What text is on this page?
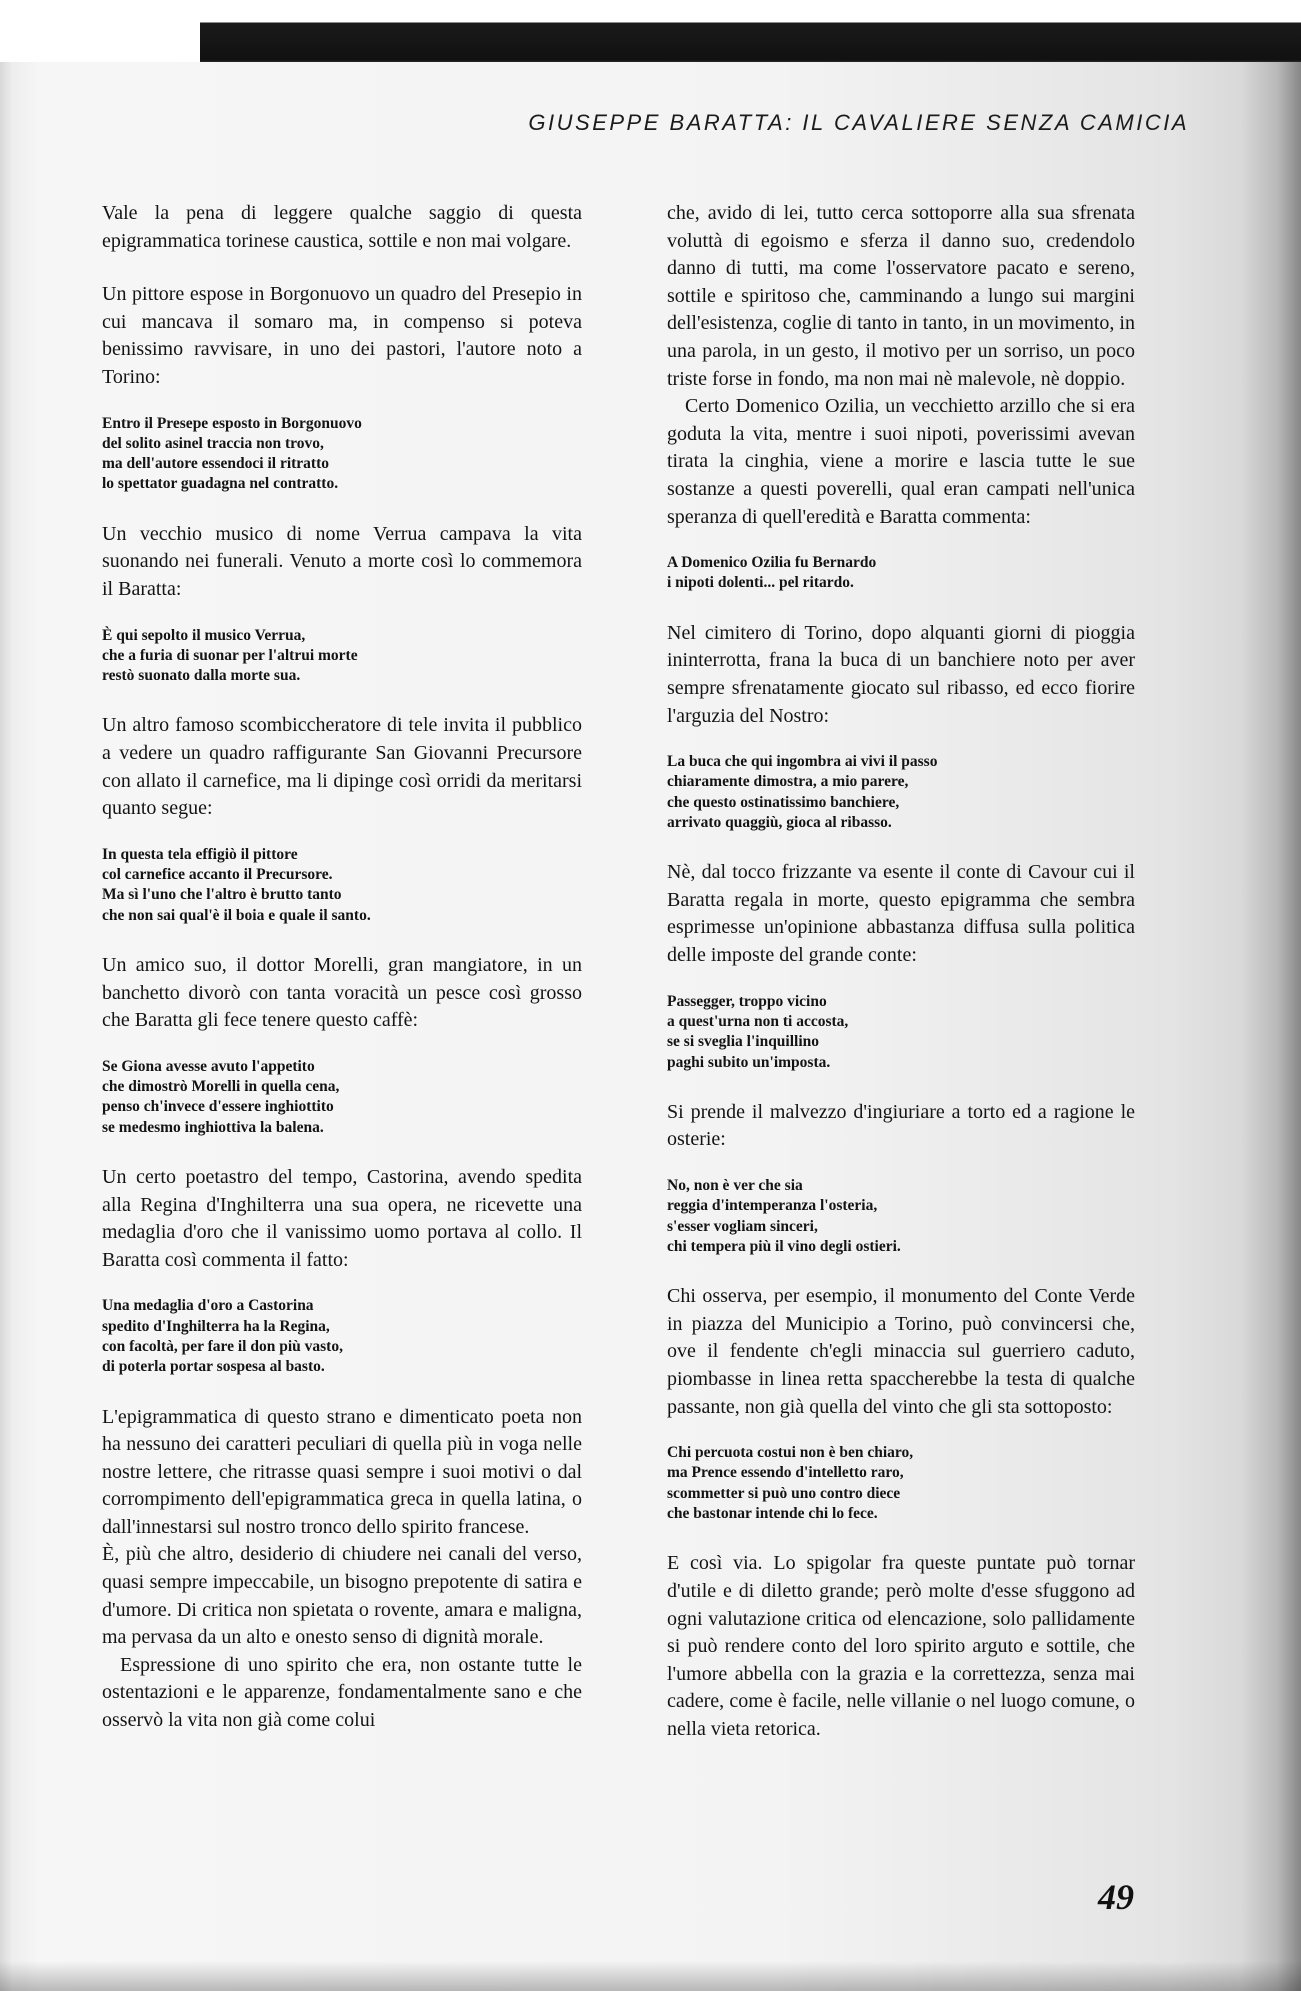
GIUSEPPE BARATTA: IL CAVALIERE SENZA CAMICIA

Vale la pena di leggere qualche saggio di questa epigrammatica torinese caustica, sottile e non mai volgare.

Un pittore espose in Borgonuovo un quadro del Presepio in cui mancava il somaro ma, in compenso si poteva benissimo ravvisare, in uno dei pastori, l'autore noto a Torino:

Entro il Presepe esposto in Borgonuovo
del solito asinel traccia non trovo,
ma dell'autore essendoci il ritratto
lo spettator guadagna nel contratto.

Un vecchio musico di nome Verrua campava la vita suonando nei funerali. Venuto a morte così lo commemora il Baratta:

È qui sepolto il musico Verrua,
che a furia di suonar per l'altrui morte
restò suonato dalla morte sua.

Un altro famoso scombiccheratore di tele invita il pubblico a vedere un quadro raffigurante San Giovanni Precursore con allato il carnefice, ma li dipinge così orridi da meritarsi quanto segue:

In questa tela effigiò il pittore
col carnefice accanto il Precursore.
Ma sì l'uno che l'altro è brutto tanto
che non sai qual'è il boia e quale il santo.

Un amico suo, il dottor Morelli, gran mangiatore, in un banchetto divorò con tanta voracità un pesce così grosso che Baratta gli fece tenere questo caffè:

Se Giona avesse avuto l'appetito
che dimostrò Morelli in quella cena,
penso ch'invece d'essere inghiottito
se medesmo inghiottiva la balena.

Un certo poetastro del tempo, Castorina, avendo spedita alla Regina d'Inghilterra una sua opera, ne ricevette una medaglia d'oro che il vanissimo uomo portava al collo. Il Baratta così commenta il fatto:

Una medaglia d'oro a Castorina
spedito d'Inghilterra ha la Regina,
con facoltà, per fare il don più vasto,
di poterla portar sospesa al basto.

L'epigrammatica di questo strano e dimenticato poeta non ha nessuno dei caratteri peculiari di quella più in voga nelle nostre lettere, che ritrasse quasi sempre i suoi motivi o dal corrompimento dell'epigrammatica greca in quella latina, o dall'innestarsi sul nostro tronco dello spirito francese.

È, più che altro, desiderio di chiudere nei canali del verso, quasi sempre impeccabile, un bisogno prepotente di satira e d'umore. Di critica non spietata o rovente, amara e maligna, ma pervasa da un alto e onesto senso di dignità morale.

Espressione di uno spirito che era, non ostante tutte le ostentazioni e le apparenze, fondamentalmente sano e che osservò la vita non già come colui

che, avido di lei, tutto cerca sottoporre alla sua sfrenata voluttà di egoismo e sferza il danno suo, credendolo danno di tutti, ma come l'osservatore pacato e sereno, sottile e spiritoso che, camminando a lungo sui margini dell'esistenza, coglie di tanto in tanto, in un movimento, in una parola, in un gesto, il motivo per un sorriso, un poco triste forse in fondo, ma non mai nè malevole, nè doppio.

Certo Domenico Ozilia, un vecchietto arzillo che si era goduta la vita, mentre i suoi nipoti, poverissimi avevan tirata la cinghia, viene a morire e lascia tutte le sue sostanze a questi poverelli, qual eran campati nell'unica speranza di quell'eredità e Baratta commenta:

A Domenico Ozilia fu Bernardo
i nipoti dolenti... pel ritardo.

Nel cimitero di Torino, dopo alquanti giorni di pioggia ininterrotta, frana la buca di un banchiere noto per aver sempre sfrenatamente giocato sul ribasso, ed ecco fiorire l'arguzia del Nostro:

La buca che qui ingombra ai vivi il passo
chiaramente dimostra, a mio parere,
che questo ostinatissimo banchiere,
arrivato quaggiù, gioca al ribasso.

Nè, dal tocco frizzante va esente il conte di Cavour cui il Baratta regala in morte, questo epigramma che sembra esprimesse un'opinione abbastanza diffusa sulla politica delle imposte del grande conte:

Passegger, troppo vicino
a quest'urna non ti accosta,
se si sveglia l'inquillino
paghi subito un'imposta.

Si prende il malvezzo d'ingiuriare a torto ed a ragione le osterie:

No, non è ver che sia
reggia d'intemperanza l'osteria,
s'esser vogliam sinceri,
chi tempera più il vino degli ostieri.

Chi osserva, per esempio, il monumento del Conte Verde in piazza del Municipio a Torino, può convincersi che, ove il fendente ch'egli minaccia sul guerriero caduto, piombasse in linea retta spaccherebbe la testa di qualche passante, non già quella del vinto che gli sta sottoposto:

Chi percuota costui non è ben chiaro,
ma Prence essendo d'intelletto raro,
scommetter si può uno contro diece
che bastonar intende chi lo fece.

E così via. Lo spigolar fra queste puntate può tornar d'utile e di diletto grande; però molte d'esse sfuggono ad ogni valutazione critica od elencazione, solo pallidamente si può rendere conto del loro spirito arguto e sottile, che l'umore abbella con la grazia e la correttezza, senza mai cadere, come è facile, nelle villanie o nel luogo comune, o nella vieta retorica.

49
